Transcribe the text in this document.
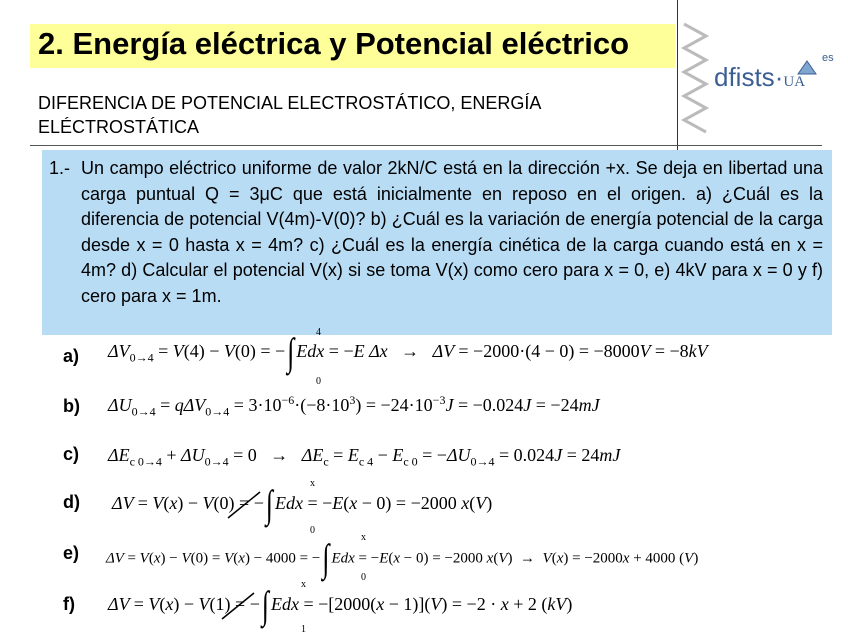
2. Energía eléctrica y Potencial eléctrico
DIFERENCIA DE POTENCIAL ELECTROSTÁTICO, ENERGÍA ELÉCTROSTÁTICA
dfists·UA
es
1.- Un campo eléctrico uniforme de valor 2kN/C está en la dirección +x. Se deja en libertad una carga puntual Q = 3μC que está inicialmente en reposo en el origen. a) ¿Cuál es la diferencia de potencial V(4m)-V(0)? b) ¿Cuál es la variación de energía potencial de la carga desde x = 0 hasta x = 4m? c) ¿Cuál es la energía cinética de la carga cuando está en x = 4m? d) Calcular el potencial V(x) si se toma V(x) como cero para x = 0, e) 4kV para x = 0 y f) cero para x = 1m.
a) $\Delta V_{0\to 4} = V(4) - V(0)$ = −∫ Edx = −E Δx   →   ΔV = −2000·(4 − 0) = −8000V = −8kV
4
0
b) $\Delta U_{0\to 4} = q\Delta V_{0\to 4} = 3\cdot 10^{-6}\cdot(-8\cdot 10^3) = -24\cdot 10^{-3}J = -0.024J = -24mJ$
c) $\Delta E_{c 0\to 4} + \Delta U_{0\to 4} = 0 \to \Delta E_c = E_{c 4} - E_{c 0} = -\Delta U_{0\to 4} = 0.024J = 24mJ$
d) ΔV = V(x) − V(0) = −∫ Edx = −E(x − 0) = −2000 x(V)
x
0
e) ΔV = V(x) − V(0) = V(x) − 4000 = −∫ Edx = −E(x − 0) = −2000 x(V) →  V(x) = −2000x + 4000 (V)
x
0
f) ΔV = V(x) − V(1) = −∫ Edx = −[2000(x − 1)](V) = −2 · x + 2 (kV)
x
1
